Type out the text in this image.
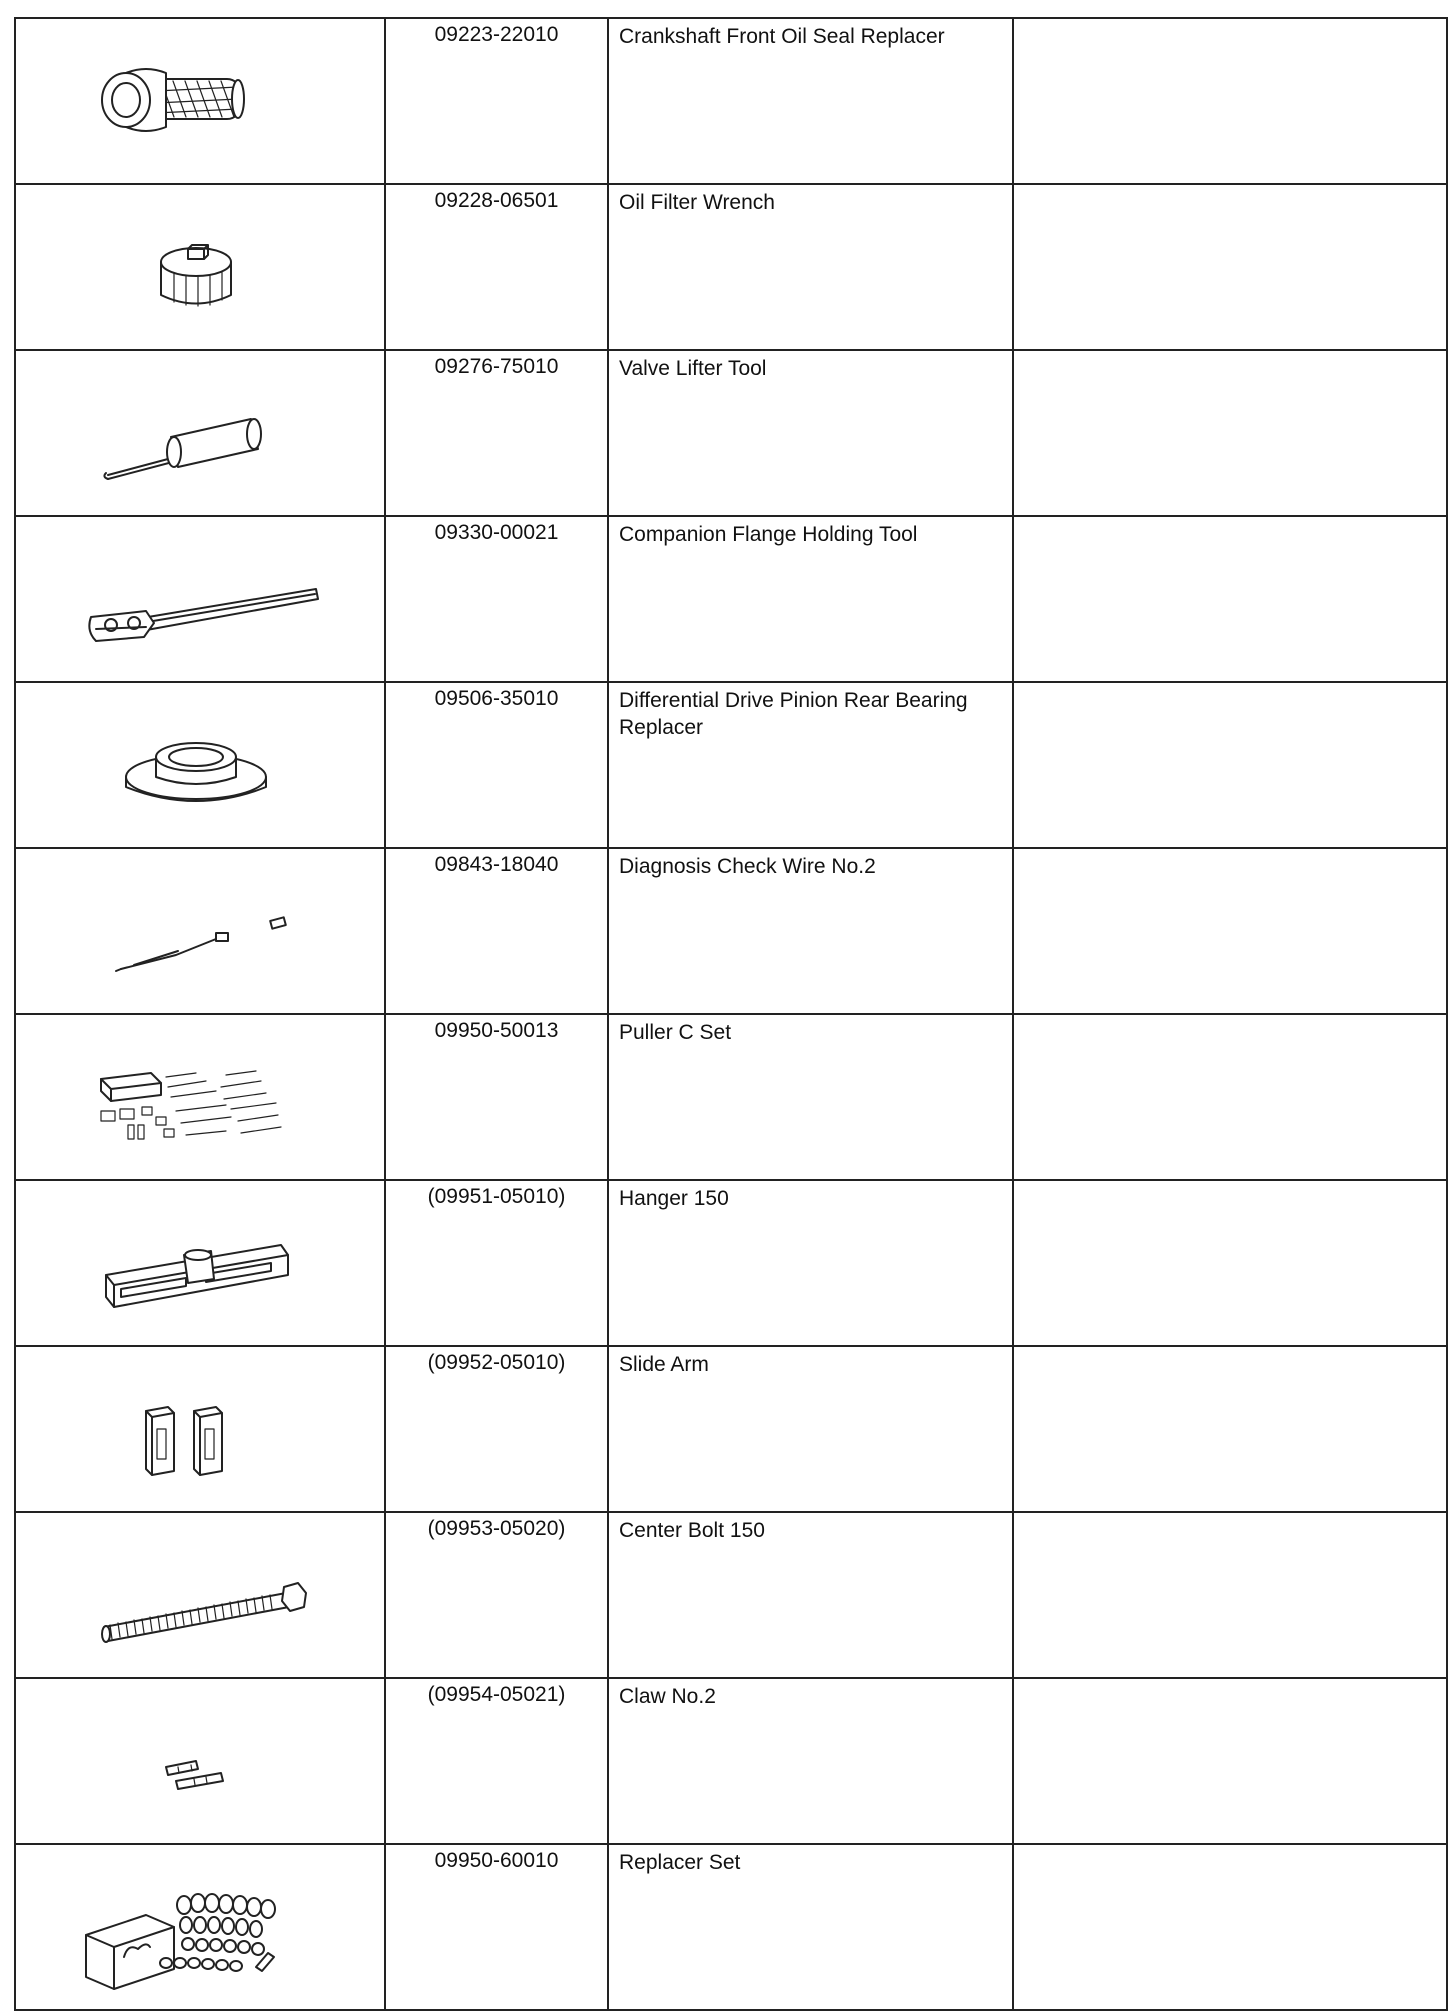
	09223-22010	Crankshaft Front Oil Seal Replacer	

	09228-06501	Oil Filter Wrench	

	09276-75010	Valve Lifter Tool	

	09330-00021	Companion Flange Holding Tool	

	09506-35010	Differential Drive Pinion Rear Bearing Replacer	

	09843-18040	Diagnosis Check Wire No.2	

	09950-50013	Puller C Set	

	(09951-05010)	Hanger 150	

	(09952-05010)	Slide Arm	

	(09953-05020)	Center Bolt 150	

	(09954-05021)	Claw No.2	

	09950-60010	Replacer Set	
